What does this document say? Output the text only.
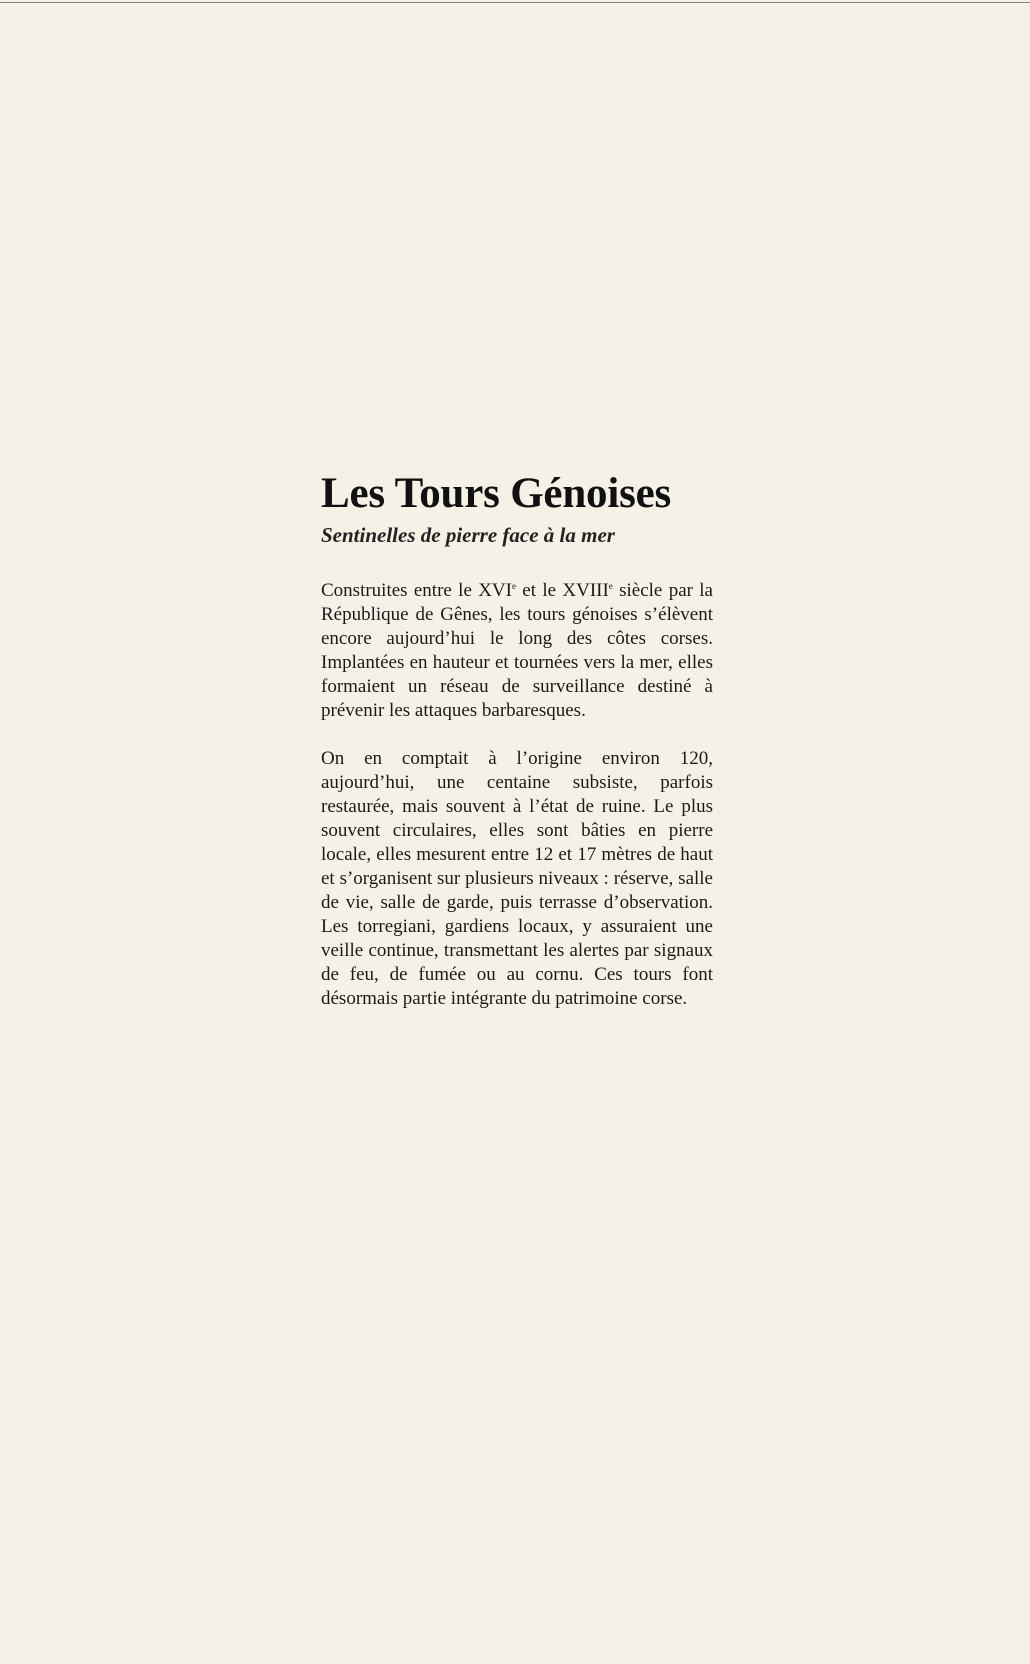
Les Tours Génoises
Sentinelles de pierre face à la mer

Construites entre le XVIe et le XVIIIe siècle par la République de Gênes, les tours génoises s’élèvent encore aujourd’hui le long des côtes corses. Implantées en hauteur et tournées vers la mer, elles formaient un réseau de surveillance destiné à prévenir les attaques barbaresques.

On en comptait à l’origine environ 120, aujourd’hui, une centaine subsiste, parfois restaurée, mais souvent à l’état de ruine. Le plus souvent circulaires, elles sont bâties en pierre locale, elles mesurent entre 12 et 17 mètres de haut et s’organisent sur plusieurs niveaux : réserve, salle de vie, salle de garde, puis terrasse d’observation. Les torregiani, gardiens locaux, y assuraient une veille continue, transmettant les alertes par signaux de feu, de fumée ou au cornu. Ces tours font désormais partie intégrante du patrimoine corse.
